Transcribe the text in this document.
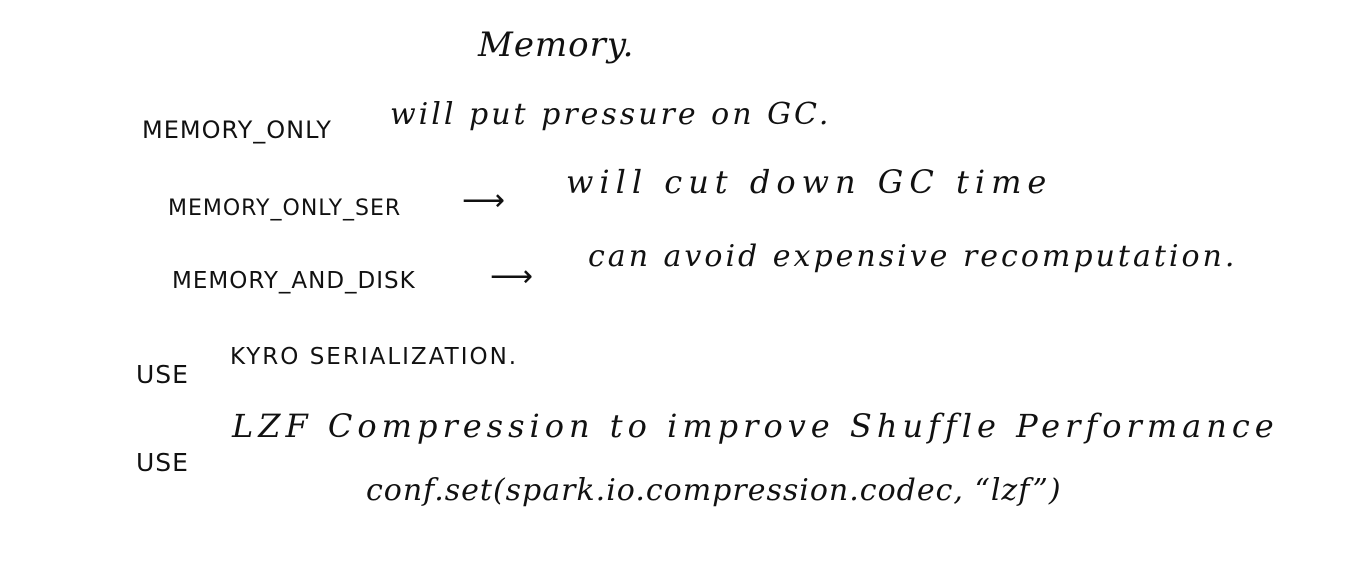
Memory.
MEMORY_ONLY will put pressure on GC.
MEMORY_ONLY_SER ⟶ will cut down GC time
MEMORY_AND_DISK ⟶
can avoid expensive recomputation.
USE
KYRO SERIALIZATION.
USE
LZF Compression to improve Shuffle Performance
conf.set(spark.io.compression.codec, “lzf”)
